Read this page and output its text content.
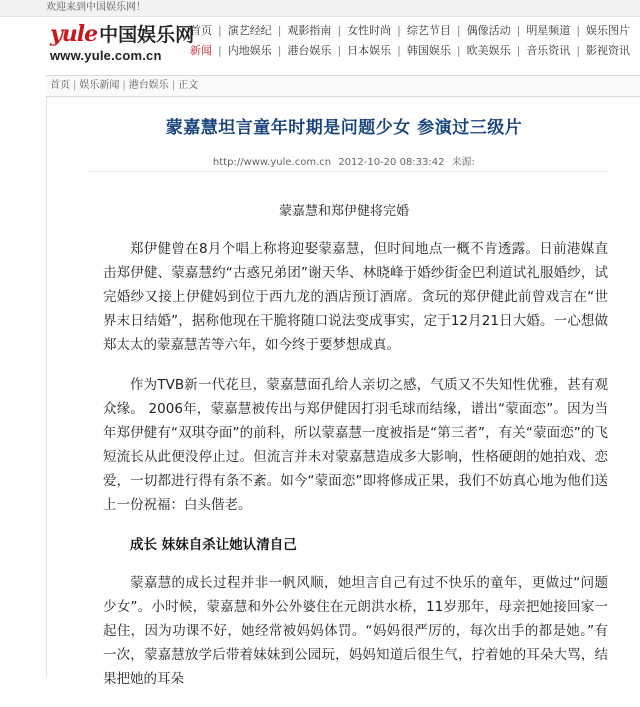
欢迎来到中国娱乐网！
yule 中国娱乐网
www.yule.com.cn
首页 | 演艺经纪 | 观影指南 | 女性时尚 | 综艺节目 | 偶像活动 | 明星频道 | 娱乐图片
新闻 | 内地娱乐 | 港台娱乐 | 日本娱乐 | 韩国娱乐 | 欧美娱乐 | 音乐资讯 | 影视资讯
首页 | 娱乐新闻 | 港台娱乐 | 正文
蒙嘉慧坦言童年时期是问题少女 参演过三级片
http://www.yule.com.cn 2012-10-20 08:33:42 来源:
蒙嘉慧和郑伊健将完婚

郑伊健曾在8月个唱上称将迎娶蒙嘉慧，但时间地点一概不肯透露。日前港媒直击郑伊健、蒙嘉慧约“古惑兄弟团”谢天华、林晓峰于婚纱街金巴利道试礼服婚纱，试完婚纱又接上伊健妈到位于西九龙的酒店预订酒席。贪玩的郑伊健此前曾戏言在“世界末日结婚”，据称他现在干脆将随口说法变成事实，定于12月21日大婚。一心想做郑太太的蒙嘉慧苦等六年，如今终于要梦想成真。

作为TVB新一代花旦，蒙嘉慧面孔给人亲切之感，气质又不失知性优雅，甚有观众缘。 2006年，蒙嘉慧被传出与郑伊健因打羽毛球而结缘，谱出“蒙面恋”。因为当年郑伊健有“双琪夺面”的前科，所以蒙嘉慧一度被指是“第三者”，有关“蒙面恋”的飞短流长从此便没停止过。但流言并未对蒙嘉慧造成多大影响，性格硬朗的她拍戏、恋爱，一切都进行得有条不紊。如今“蒙面恋”即将修成正果，我们不妨真心地为他们送上一份祝福：白头偕老。

成长 妹妹自杀让她认清自己

蒙嘉慧的成长过程并非一帆风顺，她坦言自己有过不快乐的童年，更做过“问题少女”。小时候，蒙嘉慧和外公外婆住在元朗洪水桥，11岁那年，母亲把她接回家一起住，因为功课不好，她经常被妈妈体罚。“妈妈很严厉的，每次出手的都是她。”有一次，蒙嘉慧放学后带着妹妹到公园玩，妈妈知道后很生气，拧着她的耳朵大骂，结果把她的耳朵
